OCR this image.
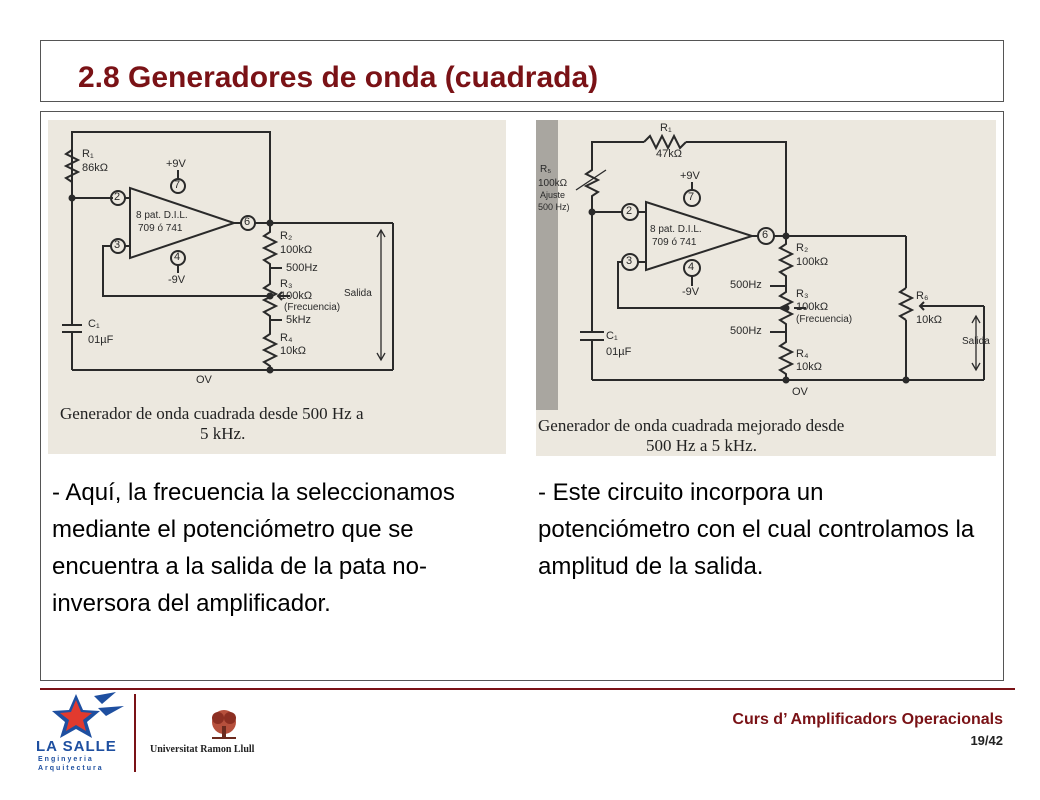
2.8 Generadores de onda (cuadrada)
R₁
86kΩ	+9V
-9V
2
3
7
4
6
8 pat. D.I.L.
709 ó 741
R₂
100kΩ
500Hz
R₃
100kΩ
(Frecuencia)
5kHz
R₄
10kΩ
C₁
01µF
OV
Salida
Generador de onda cuadrada desde 500 Hz a
5 kHz.
R₁
47kΩ
R₅
100kΩ
Ajuste
500 Hz)
+9V
-9V
2
3
7
4
6
8 pat. D.I.L.
709 ó 741	R₂
100kΩ
500Hz
R₃
100kΩ
(Frecuencia)
500Hz
R₄
10kΩ
R₆
10kΩ
C₁
01µF
OV
Salida
Generador de onda cuadrada mejorado desde
500 Hz a 5 kHz.

- Aquí, la frecuencia la seleccionamos mediante el potenciómetro que se encuentra a la salida de la pata no-inversora del amplificador.

- Este circuito incorpora un potenciómetro con el cual controlamos la amplitud de la salida.

LA SALLE
Enginyeria
Arquitectura
Universitat Ramon Llull
Curs d’ Amplificadors Operacionals
19/42
